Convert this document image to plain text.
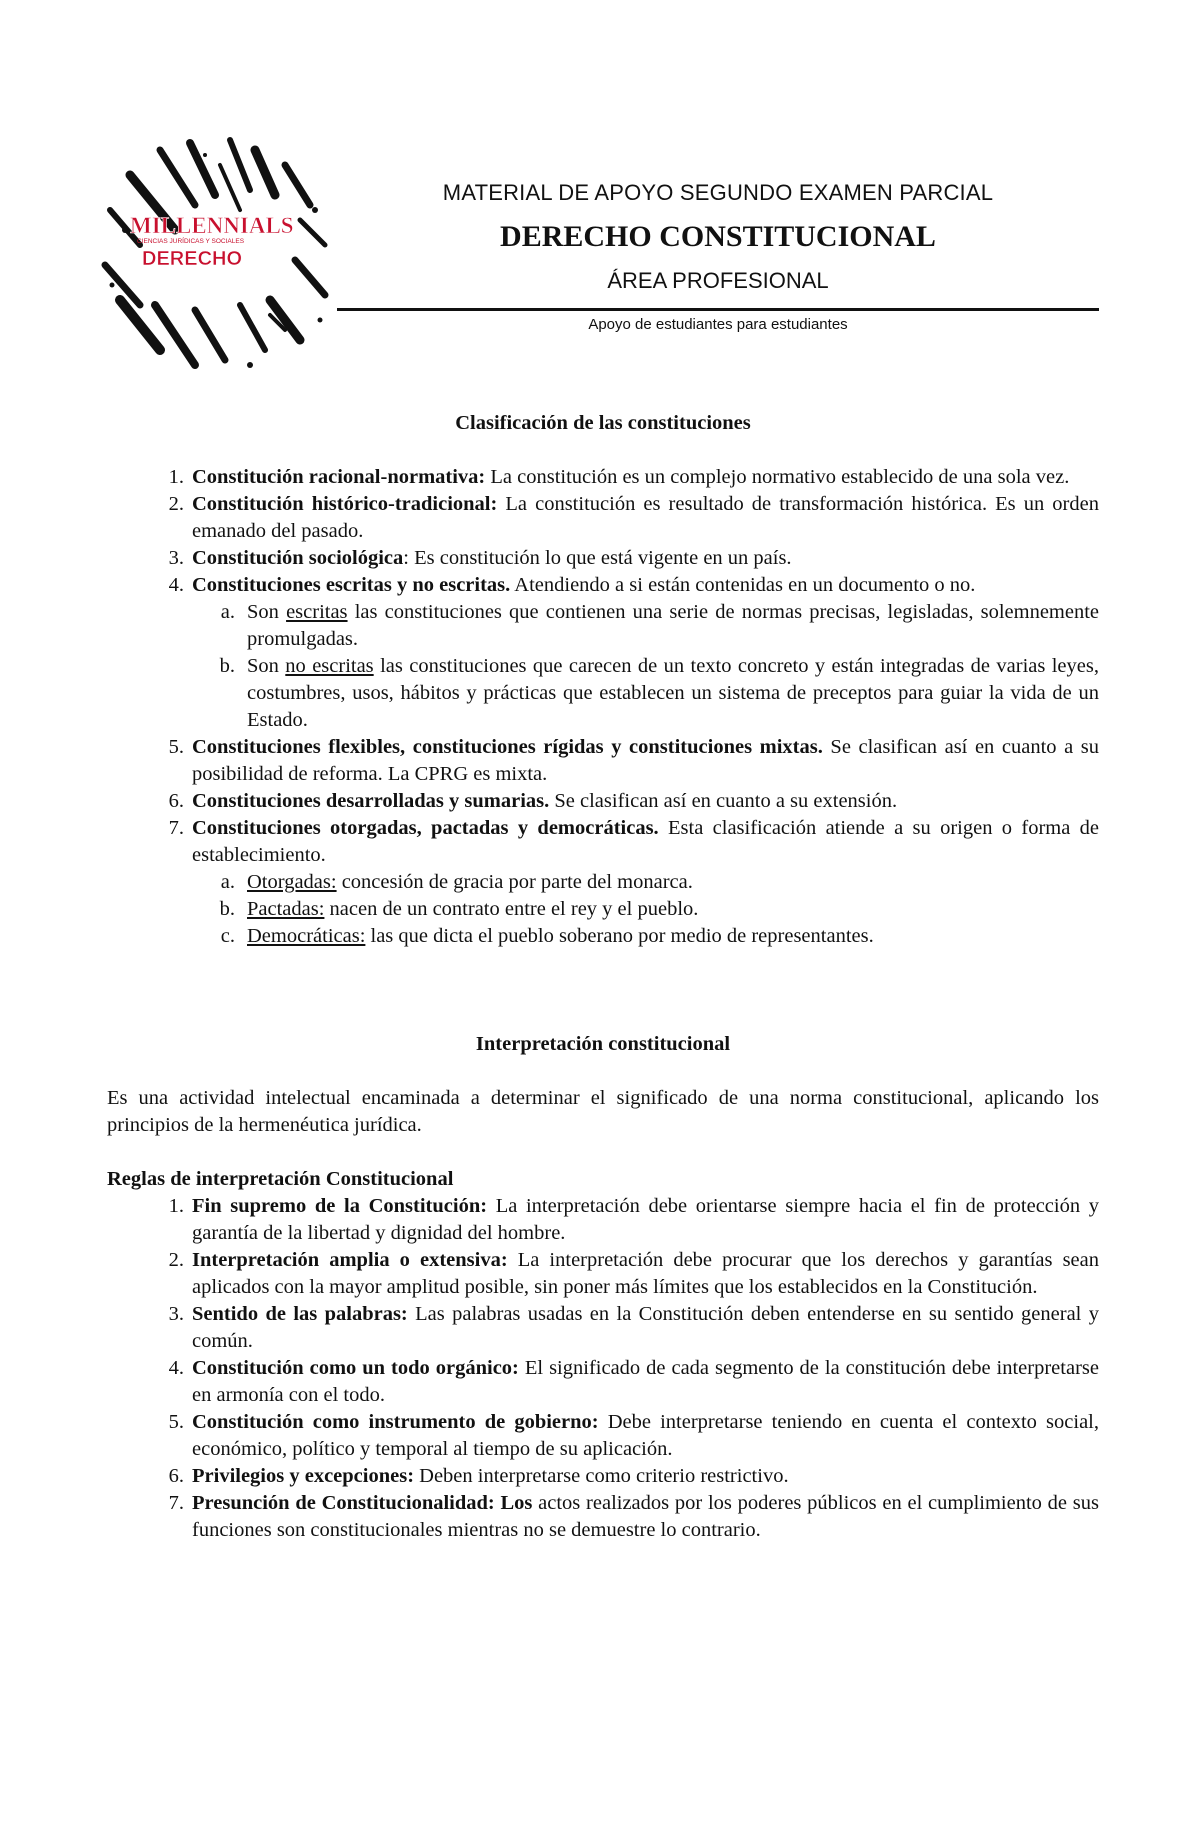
MILLENNIALS
CIENCIAS JURÍDICAS Y SOCIALES
DERECHO
MATERIAL DE APOYO SEGUNDO EXAMEN PARCIAL
DERECHO CONSTITUCIONAL
ÁREA PROFESIONAL
Apoyo de estudiantes para estudiantes
Clasificación de las constituciones
1. Constitución racional-normativa: La constitución es un complejo normativo establecido de una sola vez.
2. Constitución histórico-tradicional: La constitución es resultado de transformación histórica. Es un orden emanado del pasado.
3. Constitución sociológica: Es constitución lo que está vigente en un país.
4. Constituciones escritas y no escritas. Atendiendo a si están contenidas en un documento o no.
a. Son escritas las constituciones que contienen una serie de normas precisas, legisladas, solemnemente promulgadas.
b. Son no escritas las constituciones que carecen de un texto concreto y están integradas de varias leyes, costumbres, usos, hábitos y prácticas que establecen un sistema de preceptos para guiar la vida de un Estado.
5. Constituciones flexibles, constituciones rígidas y constituciones mixtas. Se clasifican así en cuanto a su posibilidad de reforma. La CPRG es mixta.
6. Constituciones desarrolladas y sumarias. Se clasifican así en cuanto a su extensión.
7. Constituciones otorgadas, pactadas y democráticas. Esta clasificación atiende a su origen o forma de establecimiento.
a. Otorgadas: concesión de gracia por parte del monarca.
b. Pactadas: nacen de un contrato entre el rey y el pueblo.
c. Democráticas: las que dicta el pueblo soberano por medio de representantes.
Interpretación constitucional

Es una actividad intelectual encaminada a determinar el significado de una norma constitucional, aplicando los principios de la hermenéutica jurídica.

Reglas de interpretación Constitucional

1. Fin supremo de la Constitución: La interpretación debe orientarse siempre hacia el fin de protección y garantía de la libertad y dignidad del hombre.
2. Interpretación amplia o extensiva: La interpretación debe procurar que los derechos y garantías sean aplicados con la mayor amplitud posible, sin poner más límites que los establecidos en la Constitución.
3. Sentido de las palabras: Las palabras usadas en la Constitución deben entenderse en su sentido general y común.
4. Constitución como un todo orgánico: El significado de cada segmento de la constitución debe interpretarse en armonía con el todo.
5. Constitución como instrumento de gobierno: Debe interpretarse teniendo en cuenta el contexto social, económico, político y temporal al tiempo de su aplicación.
6. Privilegios y excepciones: Deben interpretarse como criterio restrictivo.
7. Presunción de Constitucionalidad: Los actos realizados por los poderes públicos en el cumplimiento de sus funciones son constitucionales mientras no se demuestre lo contrario.
